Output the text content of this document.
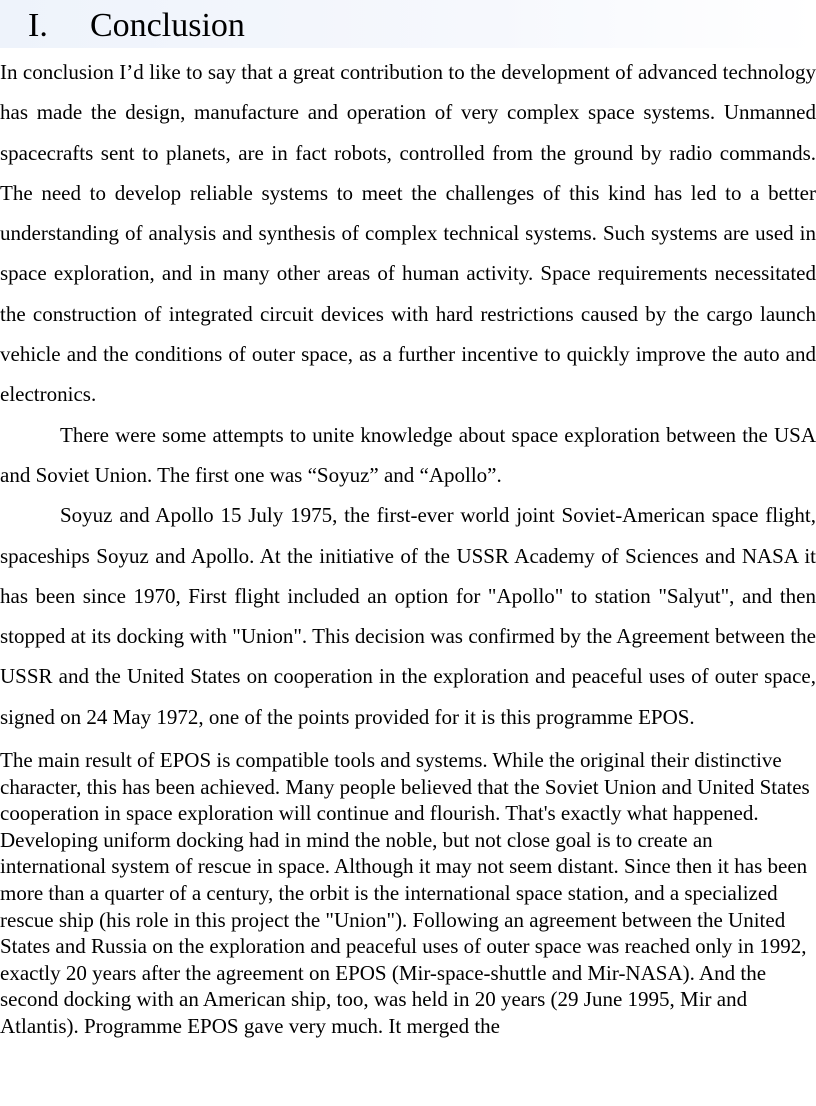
I. Conclusion

In conclusion I’d like to say that a great contribution to the development of advanced technology has made the design, manufacture and operation of very complex space systems. Unmanned spacecrafts sent to planets, are in fact robots, controlled from the ground by radio commands. The need to develop reliable systems to meet the challenges of this kind has led to a better understanding of analysis and synthesis of complex technical systems. Such systems are used in space exploration, and in many other areas of human activity. Space requirements necessitated the construction of integrated circuit devices with hard restrictions caused by the cargo launch vehicle and the conditions of outer space, as a further incentive to quickly improve the auto and electronics.

There were some attempts to unite knowledge about space exploration between the USA and Soviet Union. The first one was “Soyuz” and “Apollo”.

Soyuz and Apollo 15 July 1975, the first-ever world joint Soviet-American space flight, spaceships Soyuz and Apollo. At the initiative of the USSR Academy of Sciences and NASA it has been since 1970, First flight included an option for "Apollo" to station "Salyut", and then stopped at its docking with "Union". This decision was confirmed by the Agreement between the USSR and the United States on cooperation in the exploration and peaceful uses of outer space, signed on 24 May 1972, one of the points provided for it is this programme EPOS.

The main result of EPOS is compatible tools and systems. While the original their distinctive character, this has been achieved. Many people believed that the Soviet Union and United States cooperation in space exploration will continue and flourish. That's exactly what happened. Developing uniform docking had in mind the noble, but not close goal is to create an international system of rescue in space. Although it may not seem distant. Since then it has been more than a quarter of a century, the orbit is the international space station, and a specialized rescue ship (his role in this project the "Union"). Following an agreement between the United States and Russia on the exploration and peaceful uses of outer space was reached only in 1992, exactly 20 years after the agreement on EPOS (Mir-space-shuttle and Mir-NASA). And the second docking with an American ship, too, was held in 20 years (29 June 1995, Mir and Atlantis). Programme EPOS gave very much. It merged the
